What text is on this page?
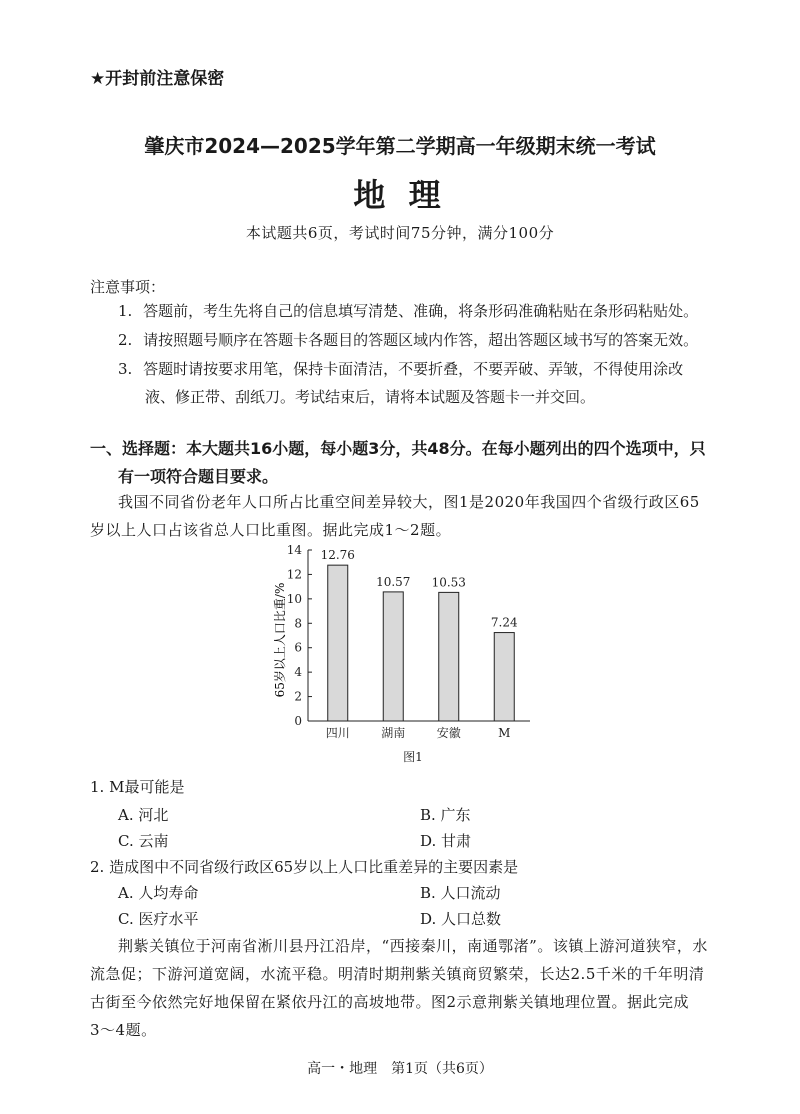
★开封前注意保密
肇庆市2024—2025学年第二学期高一年级期末统一考试
地 理
本试题共6页，考试时间75分钟，满分100分
注意事项：
1. 答题前，考生先将自己的信息填写清楚、准确，将条形码准确粘贴在条形码粘贴处。
2. 请按照题号顺序在答题卡各题目的答题区域内作答，超出答题区域书写的答案无效。
3. 答题时请按要求用笔，保持卡面清洁，不要折叠，不要弄破、弄皱，不得使用涂改
液、修正带、刮纸刀。考试结束后，请将本试题及答题卡一并交回。
一、选择题：本大题共16小题，每小题3分，共48分。在每小题列出的四个选项中，只
有一项符合题目要求。
我国不同省份老年人口所占比重空间差异较大，图1是2020年我国四个省级行政区65
岁以上人口占该省总人口比重图。据此完成1～2题。
65岁以上人口比重/%
0
2
4
6
8
10
12
14 12.76
四川
10.57
湖南
10.53
安徽
7.24
M
图1
1. M最可能是
A. 河北	B. 广东
C. 云南	D. 甘肃
2. 造成图中不同省级行政区65岁以上人口比重差异的主要因素是
A. 人均寿命	B. 人口流动
C. 医疗水平	D. 人口总数
荆紫关镇位于河南省淅川县丹江沿岸，“西接秦川，南通鄂渚”。该镇上游河道狭窄，水
流急促；下游河道宽阔，水流平稳。明清时期荆紫关镇商贸繁荣，长达2.5千米的千年明清
古街至今依然完好地保留在紧依丹江的高坡地带。图2示意荆紫关镇地理位置。据此完成
3～4题。
高一・地理　第1页（共6页）
